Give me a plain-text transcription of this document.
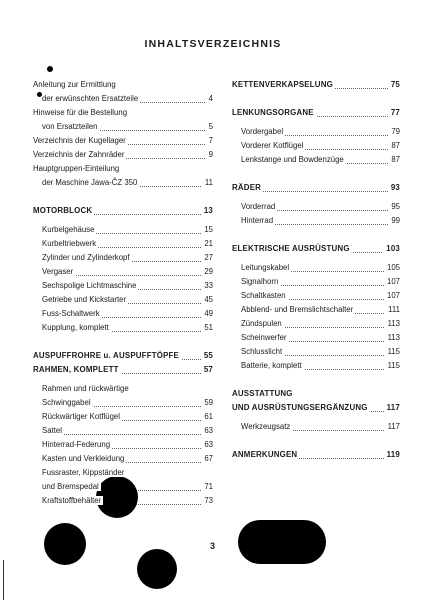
INHALTSVERZEICHNIS
Anleitung zur Ermittlung
der erwünschten Ersatzteile	4
Hinweise für die Bestellung
von Ersatzteilen	5
Verzeichnis der Kugellager	7
Verzeichnis der Zahnräder	9
Hauptgruppen-Einteilung
der Maschine Jawa-ČZ 350	11
MOTORBLOCK	13
Kurbelgehäuse	15
Kurbeltriebwerk	21
Zylinder und Zylinderkopf	27
Vergaser	29
Sechspolige Lichtmaschine	33
Getriebe und Kickstarter	45
Fuss-Schaltwerk	49
Kupplung, komplett	51
AUSPUFFROHRE u. AUSPUFFTÖPFE	55
RAHMEN, KOMPLETT	57
Rahmen und rückwärtige
Schwinggabel	59
Rückwärtiger Kotflügel	61
Sattel	63
Hinterrad-Federung	63
Kasten und Verkleidung	67
Fussraster, Kippständer
und Bremspedal	71
Kraftstoffbehälter	73
KETTENVERKAPSELUNG	75
LENKUNGSORGANE	77
Vordergabel	79
Vorderer Kotflügel	87
Lenkstange und Bowdenzüge	87
RÄDER	93
Vorderrad	95
Hinterrad	99
ELEKTRISCHE AUSRÜSTUNG	103
Leitungskabel	105
Signalhorn	107
Schaltkasten	107
Abblend- und Bremslichtschalter	111
Zündspulen	113
Scheinwerfer	113
Schlusslicht	115
Batterie, komplett	115
AUSSTATTUNG
UND AUSRÜSTUNGSERGÄNZUNG	117
Werkzeugsatz	117
ANMERKUNGEN	119
3
